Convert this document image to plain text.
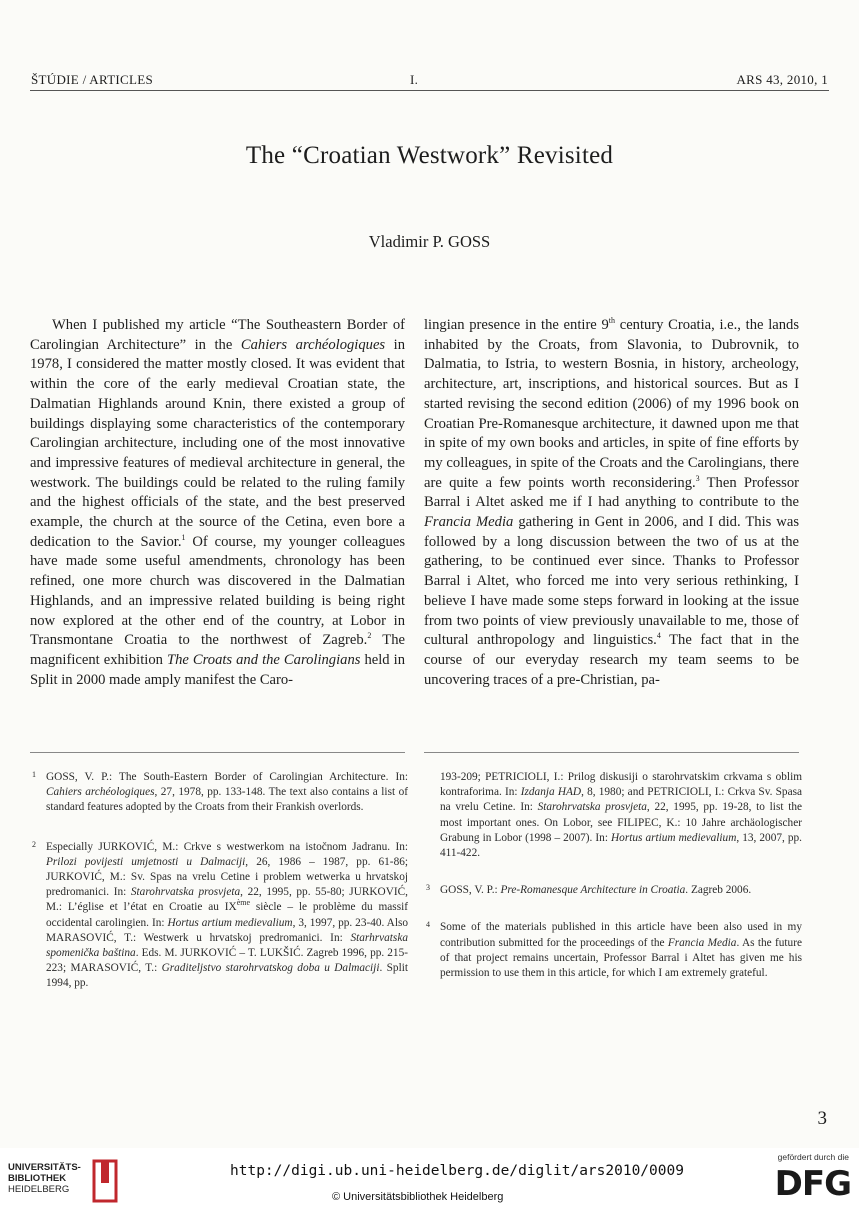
ŠTÚDIE / ARTICLES	I.	ARS 43, 2010, 1
The “Croatian Westwork” Revisited
Vladimir P. GOSS
When I published my article “The Southeastern Border of Carolingian Architecture” in the Cahiers archéologiques in 1978, I considered the matter mostly closed. It was evident that within the core of the early medieval Croatian state, the Dalmatian Highlands around Knin, there existed a group of buildings displaying some characteristics of the contemporary Carolingian architecture, including one of the most innovative and impressive features of medieval architecture in general, the westwork. The buildings could be related to the ruling family and the highest officials of the state, and the best preserved example, the church at the source of the Cetina, even bore a dedication to the Savior.$^1$ Of course, my younger colleagues have made some useful amendments, chronology has been refined, one more church was discovered in the Dalmatian Highlands, and an impressive related building is being right now explored at the other end of the country, at Lobor in Transmontane Croatia to the northwest of Zagreb.$^2$ The magnificent exhibition The Croats and the Carolingians held in Split in 2000 made amply manifest the Caro-
lingian presence in the entire 9th century Croatia, i.e., the lands inhabited by the Croats, from Slavonia, to Dubrovnik, to Dalmatia, to Istria, to western Bosnia, in history, archeology, architecture, art, inscriptions, and historical sources. But as I started revising the second edition (2006) of my 1996 book on Croatian Pre-Romanesque architecture, it dawned upon me that in spite of my own books and articles, in spite of fine efforts by my colleagues, in spite of the Croats and the Carolingians, there are quite a few points worth reconsidering.$^3$ Then Professor Barral i Altet asked me if I had anything to contribute to the Francia Media gathering in Gent in 2006, and I did. This was followed by a long discussion between the two of us at the gathering, to be continued ever since. Thanks to Professor Barral i Altet, who forced me into very serious rethinking, I believe I have made some steps forward in looking at the issue from two points of view previously unavailable to me, those of cultural anthropology and linguistics.$^4$ The fact that in the course of our everyday research my team seems to be uncovering traces of a pre-Christian, pa-
1 GOSS, V. P.: The South-Eastern Border of Carolingian Architecture. In: Cahiers archéologiques, 27, 1978, pp. 133-148. The text also contains a list of standard features adopted by the Croats from their Frankish overlords.
2 Especially JURKOVIĆ, M.: Crkve s westwerkom na istočnom Jadranu. In: Prilozi povijesti umjetnosti u Dalmaciji, 26, 1986 – 1987, pp. 61-86; JURKOVIĆ, M.: Sv. Spas na vrelu Cetine i problem wetwerka u hrvatskoj predromanici. In: Starohrvatska prosvjeta, 22, 1995, pp. 55-80; JURKOVIĆ, M.: L’église et l’état en Croatie au IXème siècle – le problème du massif occidental carolingien. In: Hortus artium medievalium, 3, 1997, pp. 23-40. Also MARASOVIĆ, T.: Westwerk u hrvatskoj predromanici. In: Starhrvatska spomenička baština. Eds. M. JURKOVIĆ – T. LUKŠIĆ. Zagreb 1996, pp. 215-223; MARASOVIĆ, T.: Graditeljstvo starohrvatskog doba u Dalmaciji. Split 1994, pp.
193-209; PETRICIOLI, I.: Prilog diskusiji o starohrvatskim crkvama s oblim kontraforima. In: Izdanja HAD, 8, 1980; and PETRICIOLI, I.: Crkva Sv. Spasa na vrelu Cetine. In: Starohrvatska prosvjeta, 22, 1995, pp. 19-28, to list the most important ones. On Lobor, see FILIPEC, K.: 10 Jahre archäologischer Grabung in Lobor (1998 – 2007). In: Hortus artium medievalium, 13, 2007, pp. 411-422.
3 GOSS, V. P.: Pre-Romanesque Architecture in Croatia. Zagreb 2006.
4 Some of the materials published in this article have been also used in my contribution submitted for the proceedings of the Francia Media. As the future of that project remains uncertain, Professor Barral i Altet has given me his permission to use them in this article, for which I am extremely grateful.
3
UNIVERSITÄTS-
BIBLIOTHEK
HEIDELBERG
http://digi.ub.uni-heidelberg.de/diglit/ars2010/0009
© Universitätsbibliothek Heidelberg
gefördert durch die
DFG
